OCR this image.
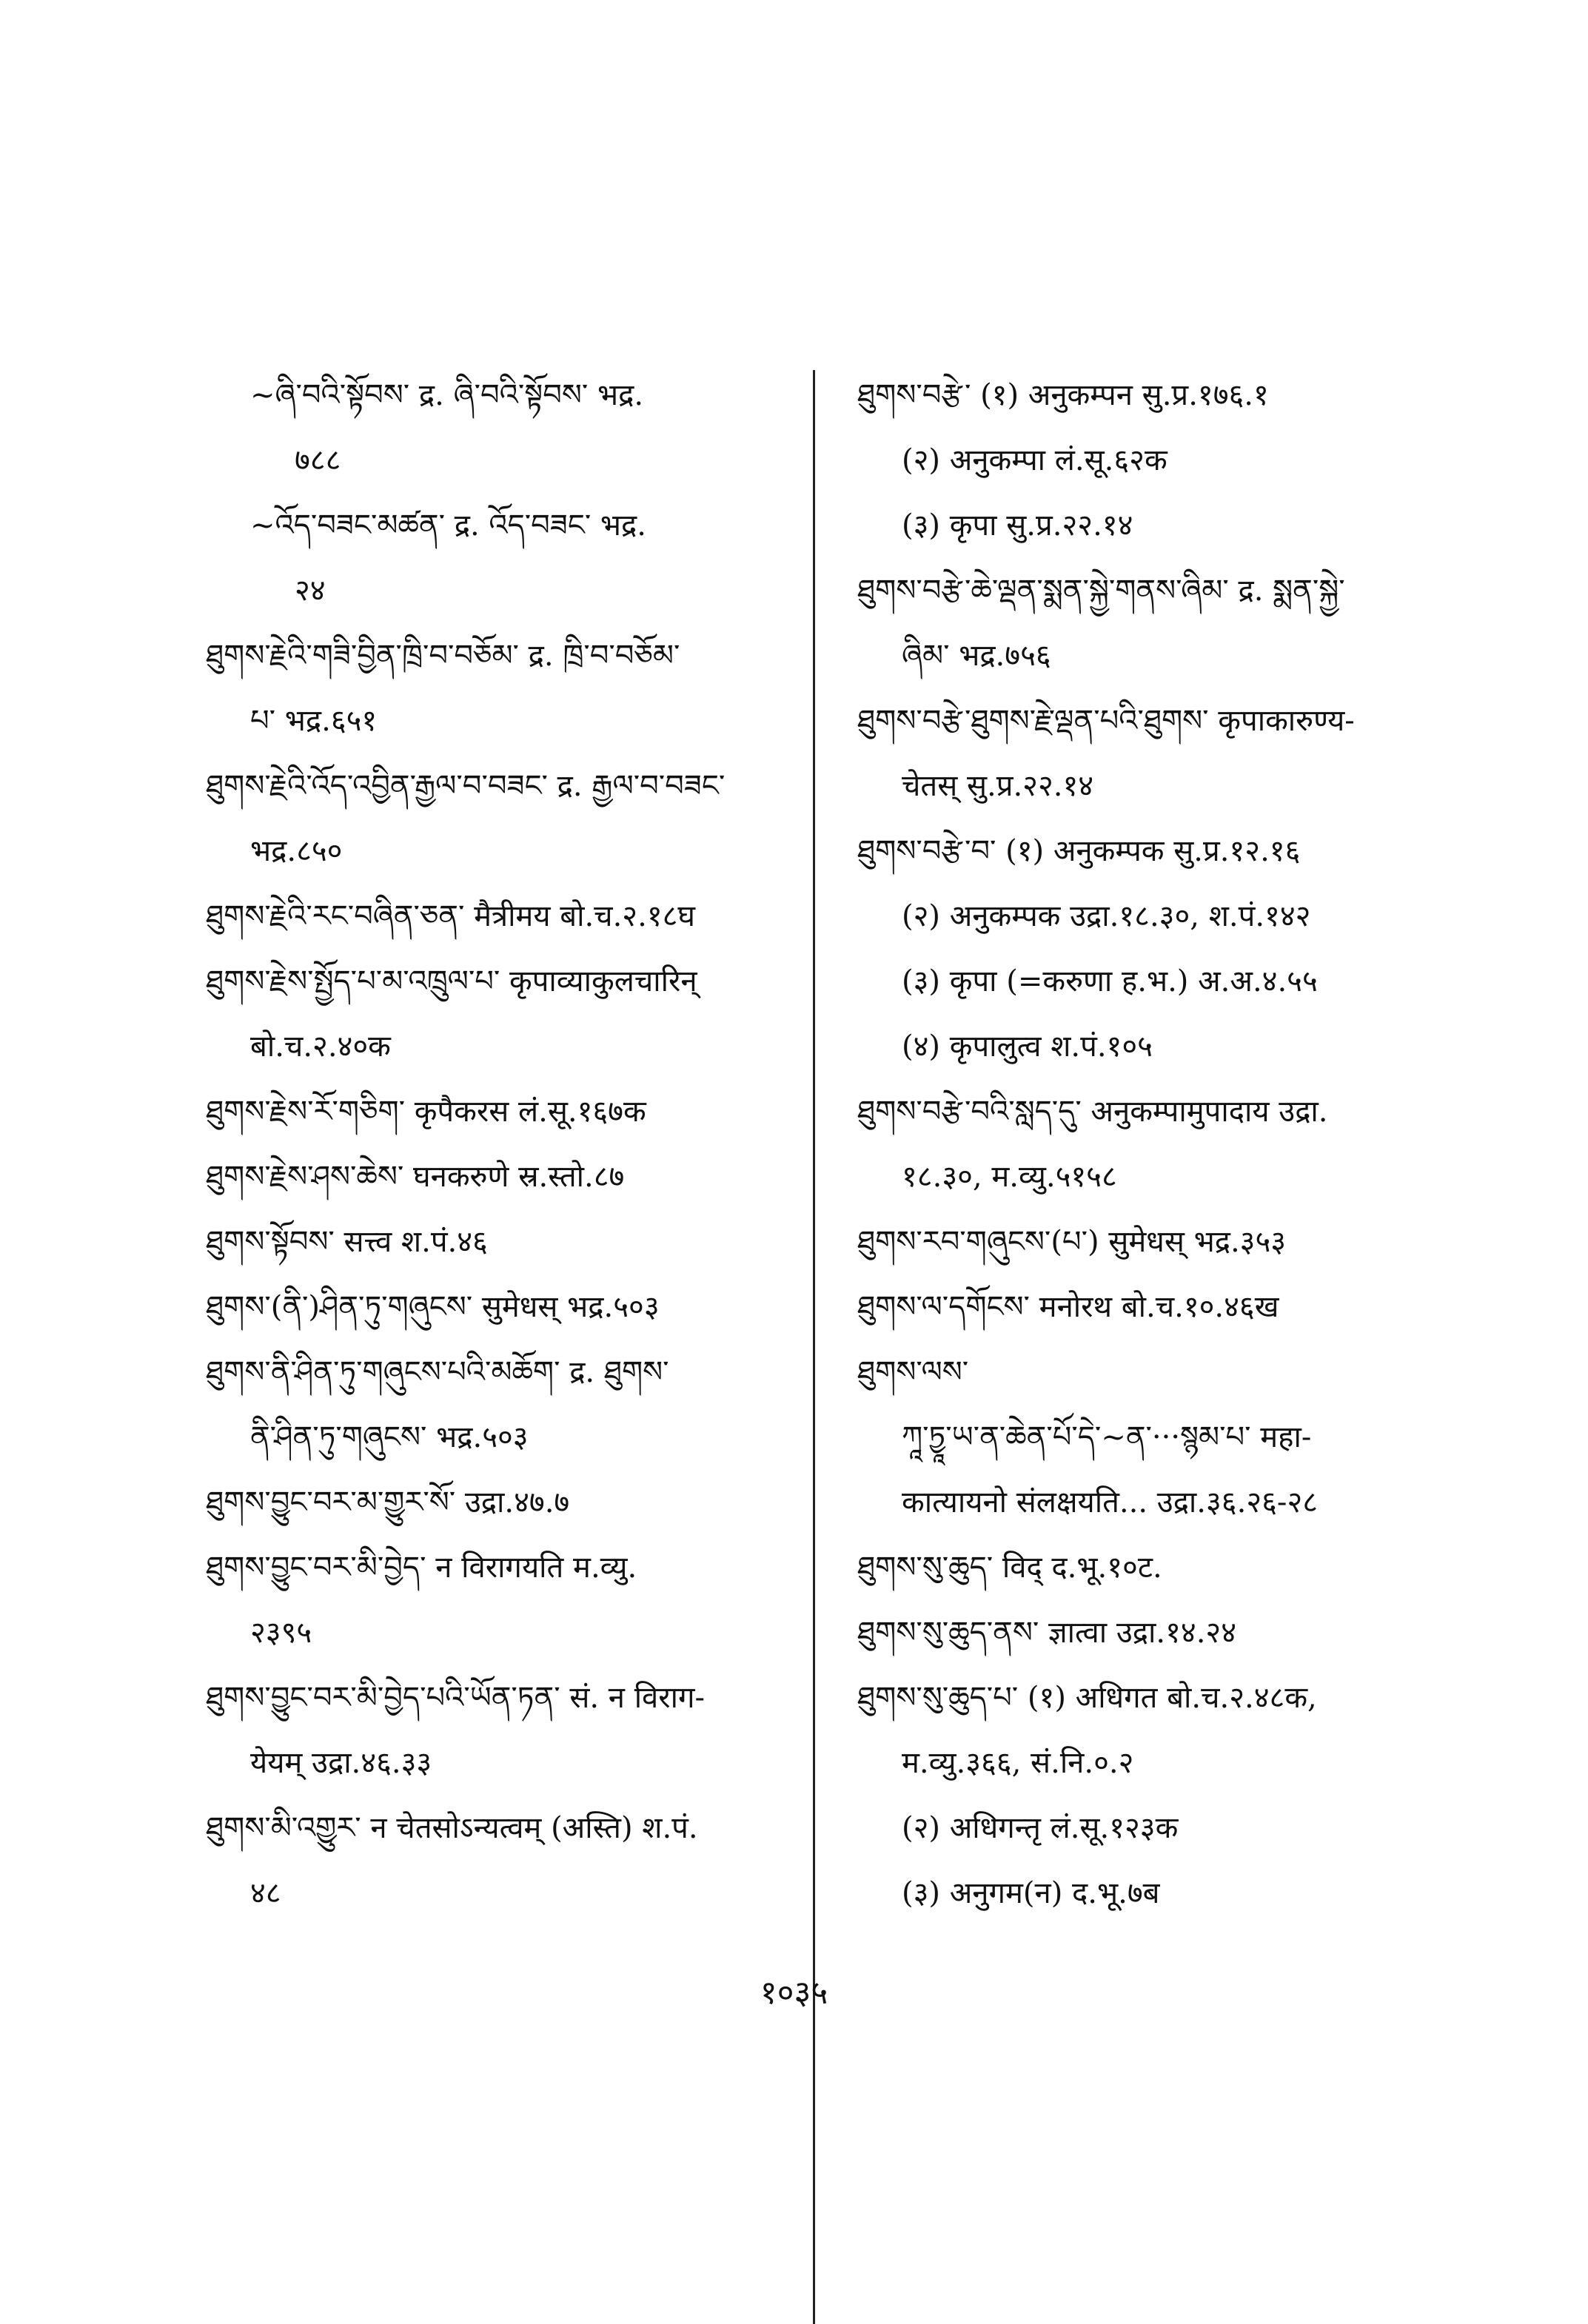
~ཞི་བའི་སྟོབས་ द्र. ཞི་བའི་སྟོབས་ भद्र.
७८८

~འོད་བཟང་མཚན་ द्र. འོད་བཟང་ भद्र.
२४

ཐུགས་རྗེའི་གཟི་བྱིན་ཁྲི་བ་བཅོམ་ द्र. ཁྲི་བ་བཅོམ་
པ་ भद्र.६५१

ཐུགས་རྗེའི་འོད་འབྱིན་རྒྱལ་བ་བཟང་ द्र. རྒྱལ་བ་བཟང་
भद्र.८५०

ཐུགས་རྗེའི་རང་བཞིན་ཅན་ मैत्रीमय बो.च.२.१८घ

ཐུགས་རྗེས་སྤྱོད་པ་མ་འཁྲུལ་པ་ कृपाव्याकुलचारिन्
बो.च.२.४०क

ཐུགས་རྗེས་རོ་གཅིག་ कृपैकरस लं.सू.१६७क

ཐུགས་རྗེས་ཤས་ཆེས་ घनकरुणे स्र.स्तो.८७

ཐུགས་སྟོབས་ सत्त्व श.पं.४६

ཐུགས་(ནི་)ཤིན་ཏུ་གཞུངས་ सुमेधस् भद्र.५०३

ཐུགས་ནི་ཤིན་ཏུ་གཞུངས་པའི་མཆོག་ द्र. ཐུགས་
ནི་ཤིན་ཏུ་གཞུངས་ भद्र.५०३

ཐུགས་བྱུང་བར་མ་གྱུར་སོ་ उद्रा.४७.७

ཐུགས་བྱུང་བར་མི་བྱེད་ न विरागयति म.व्यु.
२३९५

ཐུགས་བྱུང་བར་མི་བྱེད་པའི་ཡོན་ཏན་ सं. न विराग-
येयम् उद्रा.४६.३३

ཐུགས་མི་འགྱུར་ न चेतसोऽन्यत्वम् (अस्ति) श.पं.
४८

ཐུགས་བརྩེ་ (१) अनुकम्पन सु.प्र.१७६.१

(२) अनुकम्पा लं.सू.६२क

(३) कृपा सु.प्र.२२.१४

ཐུགས་བརྩེ་ཆེ་ལྡན་སྨན་སྐྱེ་གནས་ཞིམ་ द्र. སྨན་སྐྱེ་
ཞིམ་ भद्र.७५६

ཐུགས་བརྩེ་ཐུགས་རྗེ་ལྡན་པའི་ཐུགས་ कृपाकारुण्य-
चेतस् सु.प्र.२२.१४

ཐུགས་བརྩེ་བ་ (१) अनुकम्पक सु.प्र.१२.१६

(२) अनुकम्पक उद्रा.१८.३०, श.पं.१४२

(३) कृपा (=करुणा ह.भ.) अ.अ.४.५५

(४) कृपालुत्व श.पं.१०५

ཐུགས་བརྩེ་བའི་སླད་དུ་ अनुकम्पामुपादाय उद्रा.
१८.३०, म.व्यु.५१५८

ཐུགས་རབ་གཞུངས་(པ་) सुमेधस् भद्र.३५३

ཐུགས་ལ་དགོངས་ मनोरथ बो.च.१०.४६ख

ཐུགས་ལས་

ཀཱ་ཏྱཱ་ཡ་ན་ཆེན་པོ་དེ་~ན་···སྙམ་པ་ महा-

कात्यायनो संलक्षयति... उद्रा.३६.२६-२८

ཐུགས་སུ་ཆུད་ विद् द.भू.१०ट.

ཐུགས་སུ་ཆུད་ནས་ ज्ञात्वा उद्रा.१४.२४

ཐུགས་སུ་ཆུད་པ་ (१) अधिगत बो.च.२.४८क,
म.व्यु.३६६, सं.नि.०.२

(२) अधिगन्तृ लं.सू.१२३क

(३) अनुगम(न) द.भू.७ब

१०३५
